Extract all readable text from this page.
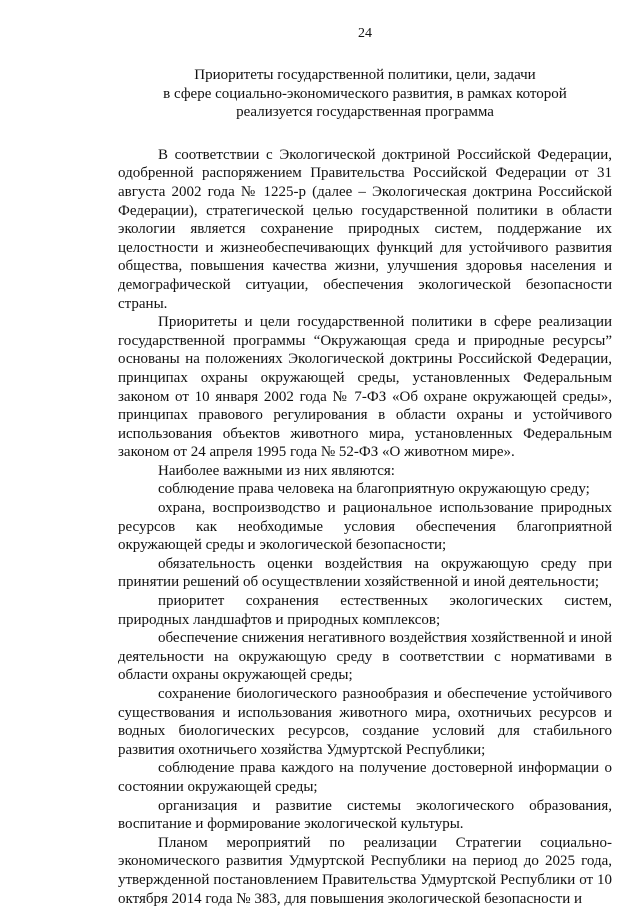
24
Приоритеты государственной политики, цели, задачи
в сфере социально-экономического развития, в рамках которой
реализуется государственная программа

В соответствии с Экологической доктриной Российской Федерации, одобренной распоряжением Правительства Российской Федерации от 31 августа 2002 года № 1225-р (далее – Экологическая доктрина Российской Федерации), стратегической целью государственной политики в области экологии является сохранение природных систем, поддержание их целостности и жизнеобеспечивающих функций для устойчивого развития общества, повышения качества жизни, улучшения здоровья населения и демографической ситуации, обеспечения экологической безопасности страны.

Приоритеты и цели государственной политики в сфере реализации государственной программы “Окружающая среда и природные ресурсы” основаны на положениях Экологической доктрины Российской Федерации, принципах охраны окружающей среды, установленных Федеральным законом от 10 января 2002 года № 7-ФЗ «Об охране окружающей среды», принципах правового регулирования в области охраны и устойчивого использования объектов животного мира, установленных Федеральным законом от 24 апреля 1995 года № 52-ФЗ «О животном мире».

Наиболее важными из них являются:

соблюдение права человека на благоприятную окружающую среду;

охрана, воспроизводство и рациональное использование природных ресурсов как необходимые условия обеспечения благоприятной окружающей среды и экологической безопасности;

обязательность оценки воздействия на окружающую среду при принятии решений об осуществлении хозяйственной и иной деятельности;

приоритет сохранения естественных экологических систем, природных ландшафтов и природных комплексов;

обеспечение снижения негативного воздействия хозяйственной и иной деятельности на окружающую среду в соответствии с нормативами в области охраны окружающей среды;

сохранение биологического разнообразия и обеспечение устойчивого существования и использования животного мира, охотничьих ресурсов и водных биологических ресурсов, создание условий для стабильного развития охотничьего хозяйства Удмуртской Республики;

соблюдение права каждого на получение достоверной информации о состоянии окружающей среды;

организация и развитие системы экологического образования, воспитание и формирование экологической культуры.

Планом мероприятий по реализации Стратегии социально-экономического развития Удмуртской Республики на период до 2025 года, утвержденной постановлением Правительства Удмуртской Республики от 10 октября 2014 года № 383, для повышения экологической безопасности и
